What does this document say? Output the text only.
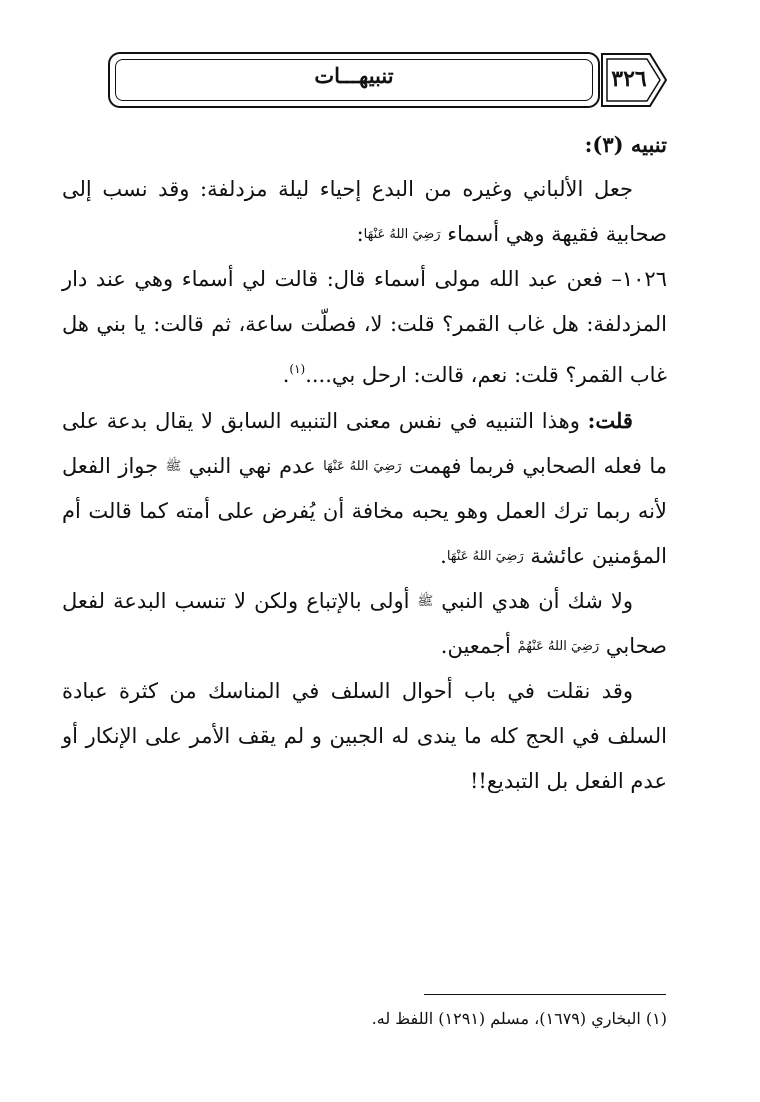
تنبيهـــات	٣٢٦

تنبيه (٣):

جعل الألباني وغيره من البدع إحياء ليلة مزدلفة: وقد نسب إلى صحابية فقيهة وهي أسماء رَضِيَ اللهُ عَنْهَا:

١٠٢٦– فعن عبد الله مولى أسماء قال: قالت لي أسماء وهي عند دار المزدلفة: هل غاب القمر؟ قلت: لا، فصلّت ساعة، ثم قالت: يا بني هل غاب القمر؟ قلت: نعم، قالت: ارحل بي....$^{(١)}$.

قلت: وهذا التنبيه في نفس معنى التنبيه السابق لا يقال بدعة على ما فعله الصحابي فربما فهمت رَضِيَ اللهُ عَنْهَا عدم نهي النبي ﷺ جواز الفعل لأنه ربما ترك العمل وهو يحبه مخافة أن يُفرض على أمته كما قالت أم المؤمنين عائشة رَضِيَ اللهُ عَنْهَا.

ولا شك أن هدي النبي ﷺ أولى بالإتباع ولكن لا تنسب البدعة لفعل صحابي رَضِيَ اللهُ عَنْهُمْ أجمعين.

وقد نقلت في باب أحوال السلف في المناسك من كثرة عبادة السلف في الحج كله ما يندى له الجبين و لم يقف الأمر على الإنكار أو عدم الفعل بل التبديع!!

(١) البخاري (١٦٧٩)، مسلم (١٢٩١) اللفظ له.
